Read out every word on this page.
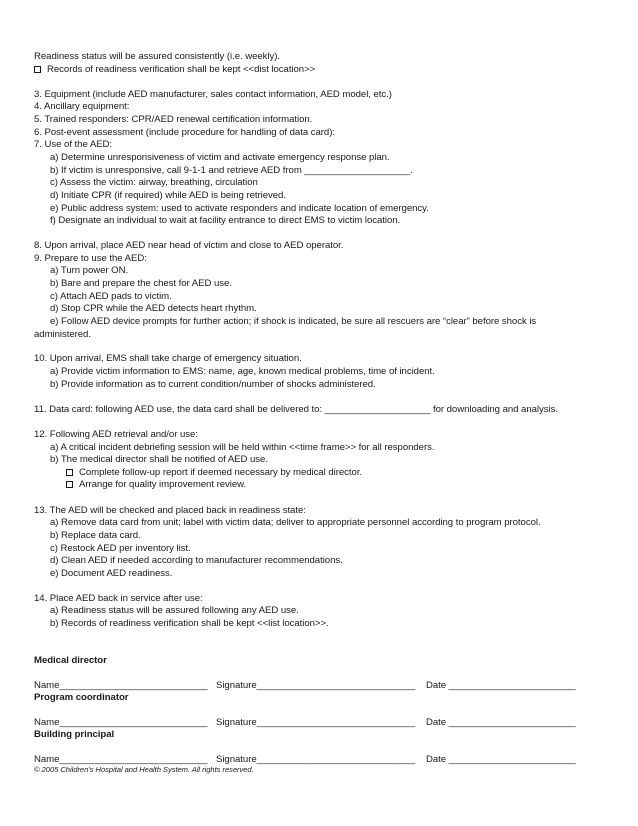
Readiness status will be assured consistently (i.e. weekly).
Records of readiness verification shall be kept <<dist location>>
3. Equipment (include AED manufacturer, sales contact information, AED model, etc.)
4. Ancillary equipment:
5. Trained responders: CPR/AED renewal certification information.
6. Post-event assessment (include procedure for handling of data card):
7. Use of the AED:
a) Determine unresponsiveness of victim and activate emergency response plan.
b) If victim is unresponsive, call 9-1-1 and retrieve AED from ____________________.
c) Assess the victim: airway, breathing, circulation
d) Initiate CPR (if required) while AED is being retrieved.
e) Public address system: used to activate responders and indicate location of emergency.
f) Designate an individual to wait at facility entrance to direct EMS to victim location.
8. Upon arrival, place AED near head of victim and close to AED operator.
9. Prepare to use the AED:
a) Turn power ON.
b) Bare and prepare the chest for AED use.
c) Attach AED pads to victim.
d) Stop CPR while the AED detects heart rhythm.
e) Follow AED device prompts for further action; if shock is indicated, be sure all rescuers are “clear” before shock is
administered.
10. Upon arrival, EMS shall take charge of emergency situation.
a) Provide victim information to EMS: name, age, known medical problems, time of incident.
b) Provide information as to current condition/number of shocks administered.
11. Data card: following AED use, the data card shall be delivered to: ____________________ for downloading and analysis.
12. Following AED retrieval and/or use:
a) A critical incident debriefing session will be held within <<time frame>> for all responders.
b) The medical director shall be notified of AED use.
Complete follow-up report if deemed necessary by medical director.
Arrange for quality improvement review.
13. The AED will be checked and placed back in readiness state:
a) Remove data card from unit; label with victim data; deliver to appropriate personnel according to program protocol.
b) Replace data card.
c) Restock AED per inventory list.
d) Clean AED if needed according to manufacturer recommendations.
e) Document AED readiness.
14. Place AED back in service after use:
a) Readiness status will be assured following any AED use.
b) Records of readiness verification shall be kept <<list location>>.
Medical director
Name____________________________ Signature______________________________ Date ________________________
Program coordinator
Name____________________________ Signature______________________________ Date ________________________
Building principal
Name____________________________ Signature______________________________ Date ________________________
© 2005 Children’s Hospital and Health System. All rights reserved.
